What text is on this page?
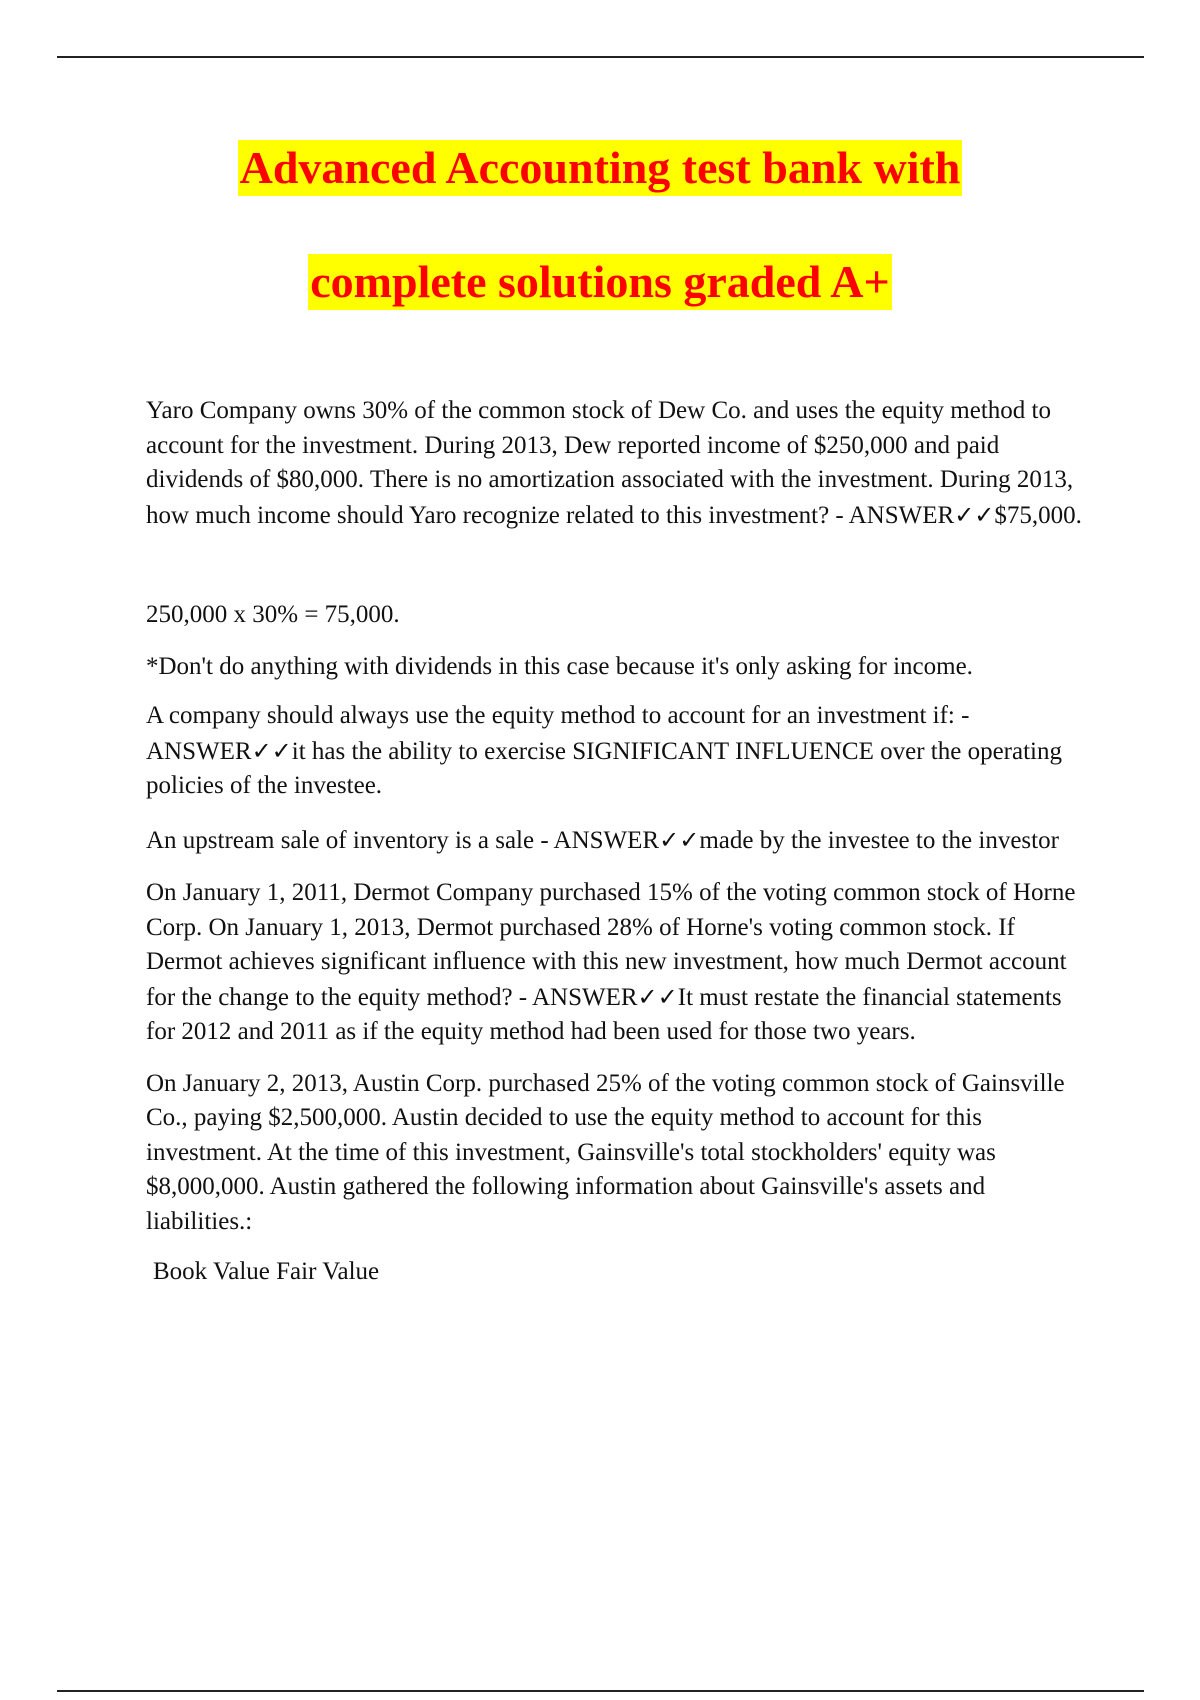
Advanced Accounting test bank with
complete solutions graded A+

Yaro Company owns 30% of the common stock of Dew Co. and uses the equity method to account for the investment. During 2013, Dew reported income of $250,000 and paid dividends of $80,000. There is no amortization associated with the investment. During 2013, how much income should Yaro recognize related to this investment? - ANSWER✓✓$75,000.

250,000 x 30% = 75,000.

*Don't do anything with dividends in this case because it's only asking for income.

A company should always use the equity method to account for an investment if: - ANSWER✓✓it has the ability to exercise SIGNIFICANT INFLUENCE over the operating policies of the investee.

An upstream sale of inventory is a sale - ANSWER✓✓made by the investee to the investor

On January 1, 2011, Dermot Company purchased 15% of the voting common stock of Horne Corp. On January 1, 2013, Dermot purchased 28% of Horne's voting common stock. If Dermot achieves significant influence with this new investment, how much Dermot account for the change to the equity method? - ANSWER✓✓It must restate the financial statements for 2012 and 2011 as if the equity method had been used for those two years.

On January 2, 2013, Austin Corp. purchased 25% of the voting common stock of Gainsville Co., paying $2,500,000. Austin decided to use the equity method to account for this investment. At the time of this investment, Gainsville's total stockholders' equity was $8,000,000. Austin gathered the following information about Gainsville's assets and liabilities.:

Book Value Fair Value
